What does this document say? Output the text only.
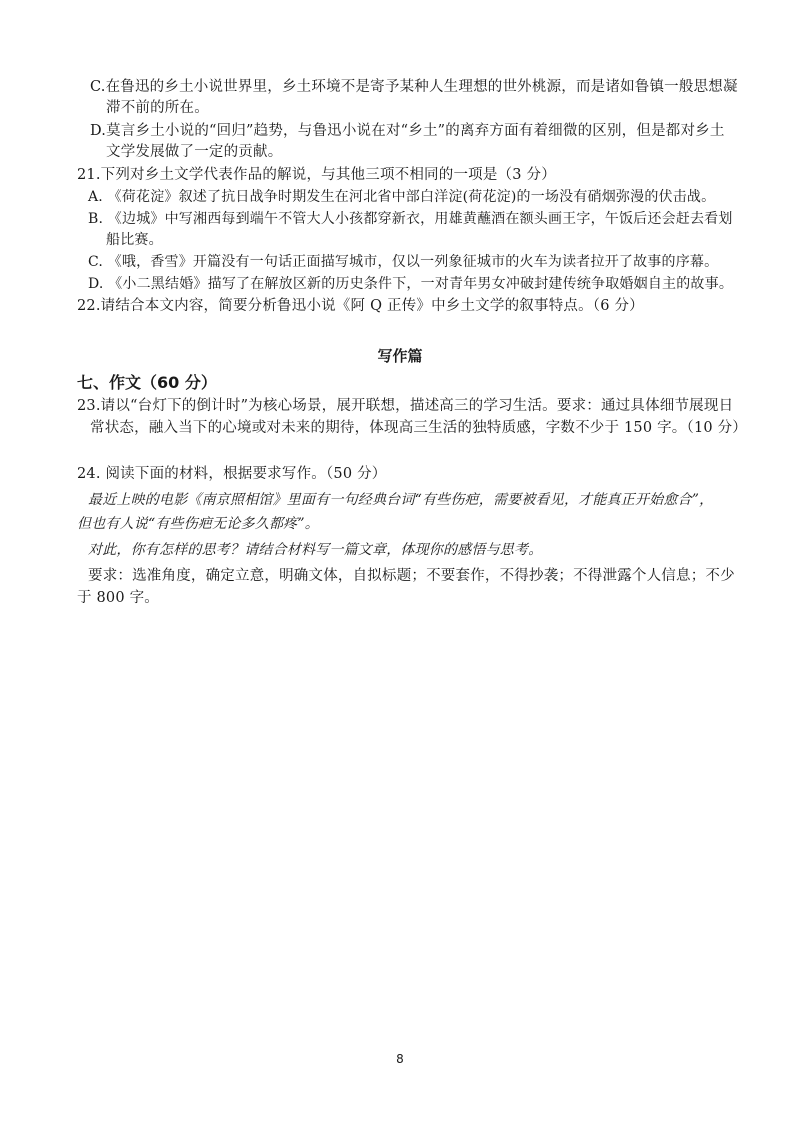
C.在鲁迅的乡土小说世界里，乡土环境不是寄予某种人生理想的世外桃源，而是诸如鲁镇一般思想凝
滞不前的所在。
D.莫言乡土小说的“回归”趋势，与鲁迅小说在对“乡土”的离弃方面有着细微的区别，但是都对乡土
文学发展做了一定的贡献。
21.下列对乡土文学代表作品的解说，与其他三项不相同的一项是（3 分）
A. 《荷花淀》叙述了抗日战争时期发生在河北省中部白洋淀(荷花淀)的一场没有硝烟弥漫的伏击战。
B. 《边城》中写湘西每到端午不管大人小孩都穿新衣，用雄黄蘸酒在额头画王字，午饭后还会赶去看划
船比赛。
C. 《哦，香雪》开篇没有一句话正面描写城市，仅以一列象征城市的火车为读者拉开了故事的序幕。
D. 《小二黑结婚》描写了在解放区新的历史条件下，一对青年男女冲破封建传统争取婚姻自主的故事。
22.请结合本文内容，简要分析鲁迅小说《阿 Q 正传》中乡土文学的叙事特点。（6 分）
写作篇
七、作文（60 分）
23.请以“台灯下的倒计时”为核心场景，展开联想，描述高三的学习生活。要求：通过具体细节展现日
常状态，融入当下的心境或对未来的期待，体现高三生活的独特质感，字数不少于 150 字。（10 分）
24. 阅读下面的材料，根据要求写作。（50 分）
最近上映的电影《南京照相馆》里面有一句经典台词“有些伤疤，需要被看见，才能真正开始愈合”，
但也有人说“有些伤疤无论多久都疼”。
对此，你有怎样的思考？请结合材料写一篇文章，体现你的感悟与思考。
要求：选准角度，确定立意，明确文体，自拟标题；不要套作，不得抄袭；不得泄露个人信息；不少
于 800 字。
8
